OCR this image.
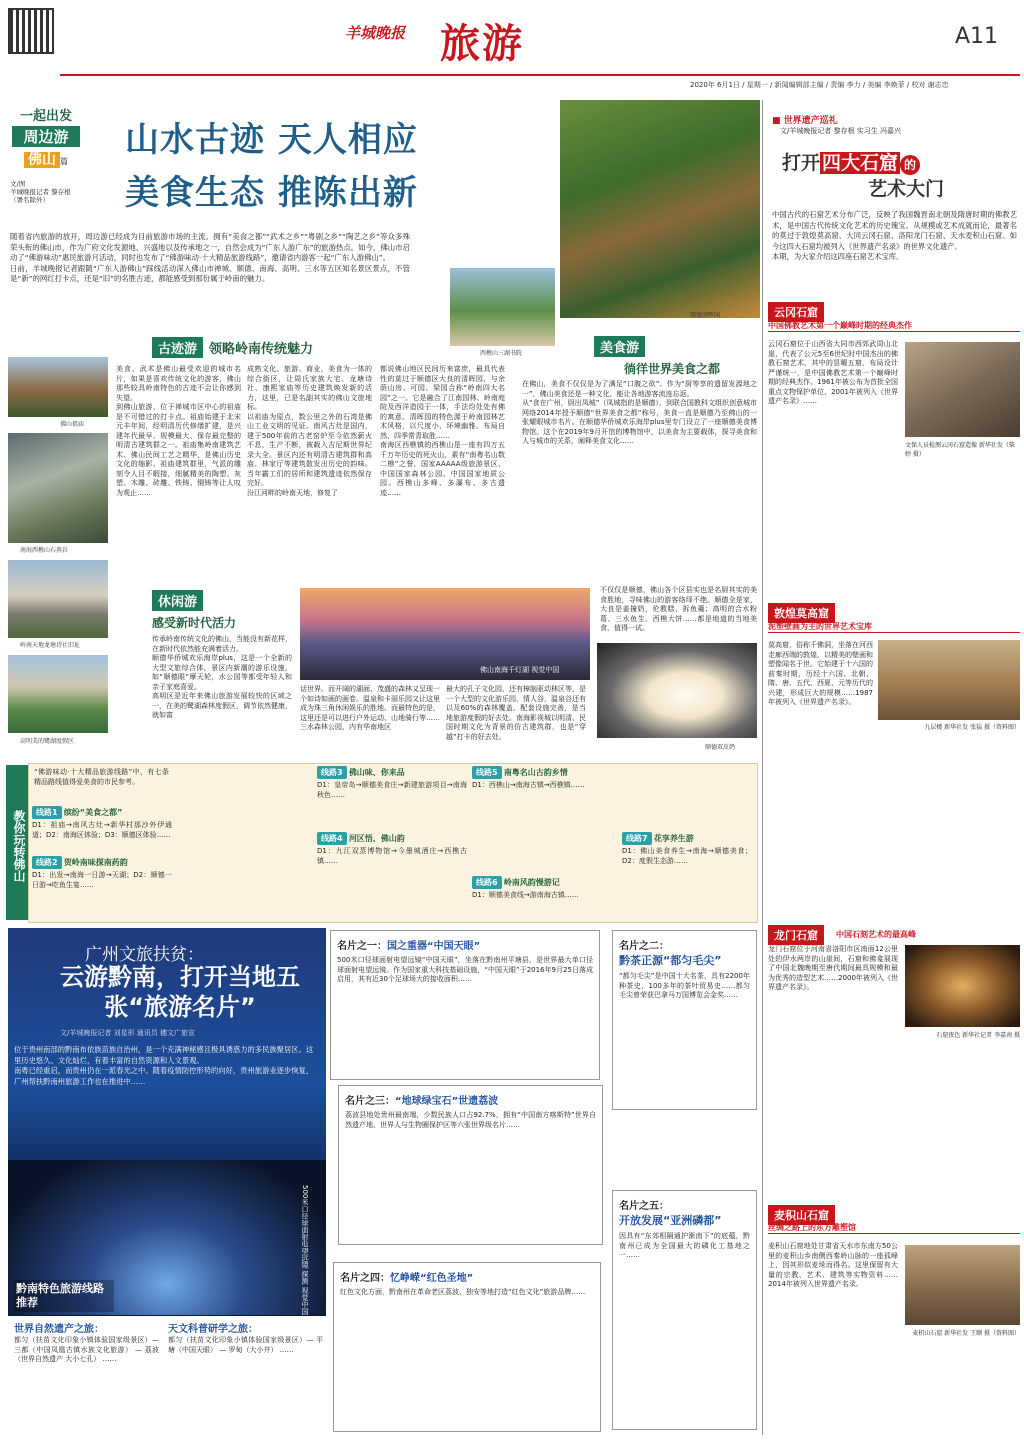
羊城晚报 旅游	A11
2020年 6月1日 / 星期一 / 新闻编辑部主编 / 责编 李力 / 美编 李焕菲 / 校对 谢志忠
一起出发
周边游
佛山 篇
文/图
羊城晚报记者 黎存根
（署名除外）
山水古迹 天人相应
美食生态 推陈出新
顺德清晖园
随着省内旅游的放开，周边游已经成为目前旅游市场的主流。拥有“美食之都”“武术之乡”“粤剧之乡”“陶艺之乡”等众多殊荣头衔的佛山市，作为广府文化发源地、兴盛地以及传承地之一，自然会成为“广东人游广东”的旅游热点。如今，佛山市启动了“佛游味动”惠民旅游月活动，同时也发布了“佛游味动·十大精品旅游线路”，邀请省内游客一起“广东人游佛山”。
日前，羊城晚报记者跟随“广东人游佛山”踩线活动深入佛山市禅城、顺德、南海、高明、三水等五区知名景区景点，不管是“新”的网红打卡点，还是“旧”的名胜古迹，都能感受到那份属于岭南的魅力。
西樵山三湖书院
古迹游 领略岭南传统魅力
佛山祖庙
南海西樵山石燕岩
岭南天地龙塘诗社旧址
高明美的鹭湖度假区
美食、武术是佛山最受欢迎的城市名片，如果是喜欢传统文化的游客，佛山那些较具岭南特色的古迹不会让你感到失望。
到佛山旅游，位于禅城市区中心的祖庙是不可错过的打卡点。祖庙始建于北宋元丰年间，经明清历代修缮扩建，是兴建年代最早、规模最大、保存最完整的明清古建筑群之一。祖庙集岭南建筑艺术、佛山民间工艺之精华，是佛山历史文化的缩影。祖庙建筑群里，气派的雕刻令人目不暇接，细腻精美的陶塑、灰塑、木雕、砖雕、铁铸、铜铸等让人叹为观止……
成熟文化、旅游、商业，美食为一体的综合街区，让周氏家族大宅、龙塘诗社、康熙家庙等历史建筑焕发新的活力，这里，已是名副其实的佛山文旅地标。
以祖庙为原点，数公里之外的石湾是佛山工业文明的见证。南风古灶是国内，建于500年前的古老窑炉至今依然薪火不息，生产不断，被载入吉尼斯世界纪录大全。景区内还有明清古建筑群和高庙、林家厅等建筑散发出历史的韵味。当年霸工们的居所和建筑遗迹依然保存完好。
汾江河畔的岭南天地，修复了
都说佛山地区民间历来富庶，最具代表性的莫过于顺德区大良的清晖园，与余荫山房、可园、梁园合称“岭南四大名园”之一。它是融合了江南园林、岭南庭院及西洋造园于一体，手法均处处有佛的寓意。清晖园的特色源于岭南园林艺术风格，以尺度小、环境幽雅、布局自然、四季常青取胜……
南海区西樵镇的西樵山是一座有四万五千万年历史的死火山，素有“南粤名山数二樵”之誉，国家AAAAA级旅游景区、中国国家森林公园、中国国家地质公园。西樵山多峰、多瀑布、多古遗迹……
休闲游
感受新时代活力
传承岭南传统文化的佛山，当能没有新花样，在新时代依然能充满着活力。
顺德华侨城欢乐海岸plus，这是一个全新的大型文旅综合体，景区内新潮的游乐设施，如“顺德眼”摩天轮，水公园等都受年轻人和亲子家庭喜爱。
高明区是近年来佛山旅游发展较快的区域之一，在美的鹭湖森林度假区，调节依然健康，就如富
佛山南海千灯湖 视觉中国
话世界。而开阔的湖面、茂盛的森林又呈现一个如诗如画的画卷。温泉和卡丽乐园又让这里成为珠三角休闲娱乐的胜地。而最特色的是，这里还是可以进行户外运动、山地骑行等……
三水森林公园，内有华南地区
最大的孔子文化园，还有樟脑驱动林区等，是一个大型的文化游乐园，情人谷，温泉谷还有以及60%的森林覆盖、配套设施完善，是当地旅游度假的好去处。南海影视城以明清、民国时期文化为背景的仿古建筑群，也是“穿越”打卡的好去处。
美食游
徜徉世界美食之都
在佛山，美食不仅仅是为了满足“口腹之欲”。作为“厨等享的遗留发源地之一”，佛山美食还是一种文化，能让各地游客流连忘返。
从“食在广州，厨出凤城”（凤城指的是顺德），到联合国教科文组织创意城市网络2014年授予顺德“世界美食之都”称号，美食一直是顺德乃至佛山的一张耀眼城市名片。在顺德华侨城欢乐海岸plus里专门设立了一座顺德美食博物馆。这个在2019年9月开馆的博物馆中，以美食为主要载体，探寻美食和人与城市的关系，阐释美食文化……
不仅仅是顺德，佛山各个区县实也是名厨其实的美食胜地，寻味佛山的游客络绎不绝。顺德全是家，大良是姜撞奶，伦教糕、拆鱼羹；高明的合水粉葛、三水鱼生、西樵大饼……都是地道的当地美食，值得一试。
顺德双皮奶
教你玩转佛山
“佛游味动·十大精品旅游线路”中，有七条精品路线值得爱美食的市民参考。
线路1 缤纷“美食之都”
D1：祖庙→南风古灶→新华村那沙外伊通道；D2：南海区体验；D3：顺德区体验……
线路2 贺岭南味探南药韵
D1：出发→南海一日游→天湖；D2：顺德一日游→吃鱼生宴……
线路3 佛山味、你来品
D1：皇帝岛→顺德美食庄→新建旅游项目→南海秋色……
线路4 河区悟、佛山韵
D1：九江双蒸博物馆→今墨城酒庄→西樵古镇……
线路5 南粤名山古韵乡情
D1：西樵山→南海古镇→西樵镇……
线路6 岭南风韵慢游记
D1：顺德美食线→游南海古镇……
线路7 花享养生游
D1：佛山美食养生→南海→顺德美食；D2：度假生态游……
广州文旅扶贫：
云游黔南，打开当地五张“旅游名片”
文/羊城晚报记者 刘星形 通讯员 穗文广旅宣
位于贵州南部的黔南布依族苗族自治州，是一个充满神秘感且极具诱惑力的多民族聚居区。这里历史悠久、文化灿烂，有着丰富的自然资源和人文景观。
南粤已经重启，而贵州仍在一派春光之中。随着疫情防控形势的向好，贵州旅游业逐步恢复，广州帮扶黔南州旅游工作也在推进中……
500米口径球面射电望远镜 探测 视觉中国
黔南特色旅游线路推荐
世界自然遗产之旅：
都匀（扶苗文化印象小镇体验国家级景区）— 三都（中国凤凰古镇水族文化旅游） — 荔波（世界自然遗产 大小七孔） ……
天文科普研学之旅：
都匀（扶苗文化印象小镇体验国家级景区）— 平塘（中国天眼） — 罗甸（大小井） ……
名片之一：国之重器“中国天眼”
500米口径球面射电望远镜“中国天眼”，坐落在黔南州平塘县，是世界最大单口径球面射电望远镜。作为国家重大科技基础设施，“中国天眼”于2016年9月25日落成启用，其有近30个足球场大的接收面积……
名片之二：
黔茶正源“都匀毛尖”
“都匀毛尖”是中国十大名茶，具有2200年种茶史，100多年的茶叶贸易史……都匀毛尖曾荣获巴拿马万国博览会金奖……
名片之三：“地球绿宝石”世遗荔波
荔波县地处贵州最南端，少数民族人口占92.7%，拥有“中国南方喀斯特”世界自然遗产地、世界人与生物圈保护区等六张世界级名片……
名片之四：忆峥嵘“红色圣地”
红色文化方面，黔南州在革命老区荔波、独安等地打造“红色文化”旅游品牌……
名片之五：
开放发展“亚洲磷都”
因具有“东郊相隔通护渐南下”的底蕴，黔南州已成为全国最大的磷化工基地之一……
■ 世界遗产巡礼
文/羊城晚报记者 黎存根 实习生 冯嘉兴
打开 四大石窟 的
艺术大门
中国古代的石窟艺术分布广泛，反映了我国魏晋南北朝及隋唐时期的佛教艺术，是中国古代传统文化艺术的历史瑰宝。从规模或艺术成就而论，最著名的莫过于敦煌莫高窟、大同云冈石窟、洛阳龙门石窟、天水麦积山石窟。如今这四大石窟均被列入《世界遗产名录》的世界文化遗产。
本期，为大家介绍这四座石窟艺术宝库。
云冈石窟
中国佛教艺术第一个巅峰时期的经典杰作
云冈石窟位于山西省大同市西郊武周山北崖，代表了公元5至6世纪时中国杰出的佛教石窟艺术，其中的昙曜五窟，布局设计严谨统一，是中国佛教艺术第一个巅峰时期的经典杰作。1961年被公布为首批全国重点文物保护单位，2001年被列入《世界遗产名录》……
文保人员检测云冈石窟造像 新华社发（柴婷 摄）
敦煌莫高窟
泥塑壁画为主的世界艺术宝库
莫高窟，俗称千佛洞，坐落在河西走廊西端的敦煌，以精美的壁画和塑像闻名于世。它始建于十六国的前秦时期，历经十六国、北朝、隋、唐、五代、西夏、元等历代的兴建，形成巨大的规模……1987年被列入《世界遗产名录》。
九层楼 新华社发 张猛 摄（资料图）
龙门石窟	中国石刻艺术的最高峰
龙门石窟位于河南省洛阳市区南面12公里处的伊水两岸的山崖间，石窟和佛龛展现了中国北魏晚期至唐代期间最具规模和最为优秀的造型艺术……2000年被列入《世界遗产名录》。
石窟夜色 新华社记者 李嘉南 摄
麦积山石窟
丝绸之路上的东方雕塑馆
麦积山石窟地处甘肃省天水市东南方50公里的麦积山乡南侧西秦岭山脉的一座孤峰上，因其形似麦垛而得名。这里保留有大量的宗教、艺术、建筑等实物资料……2014年被列入世界遗产名录。
麦积山石窟 新华社发 王顺 摄（资料图）
